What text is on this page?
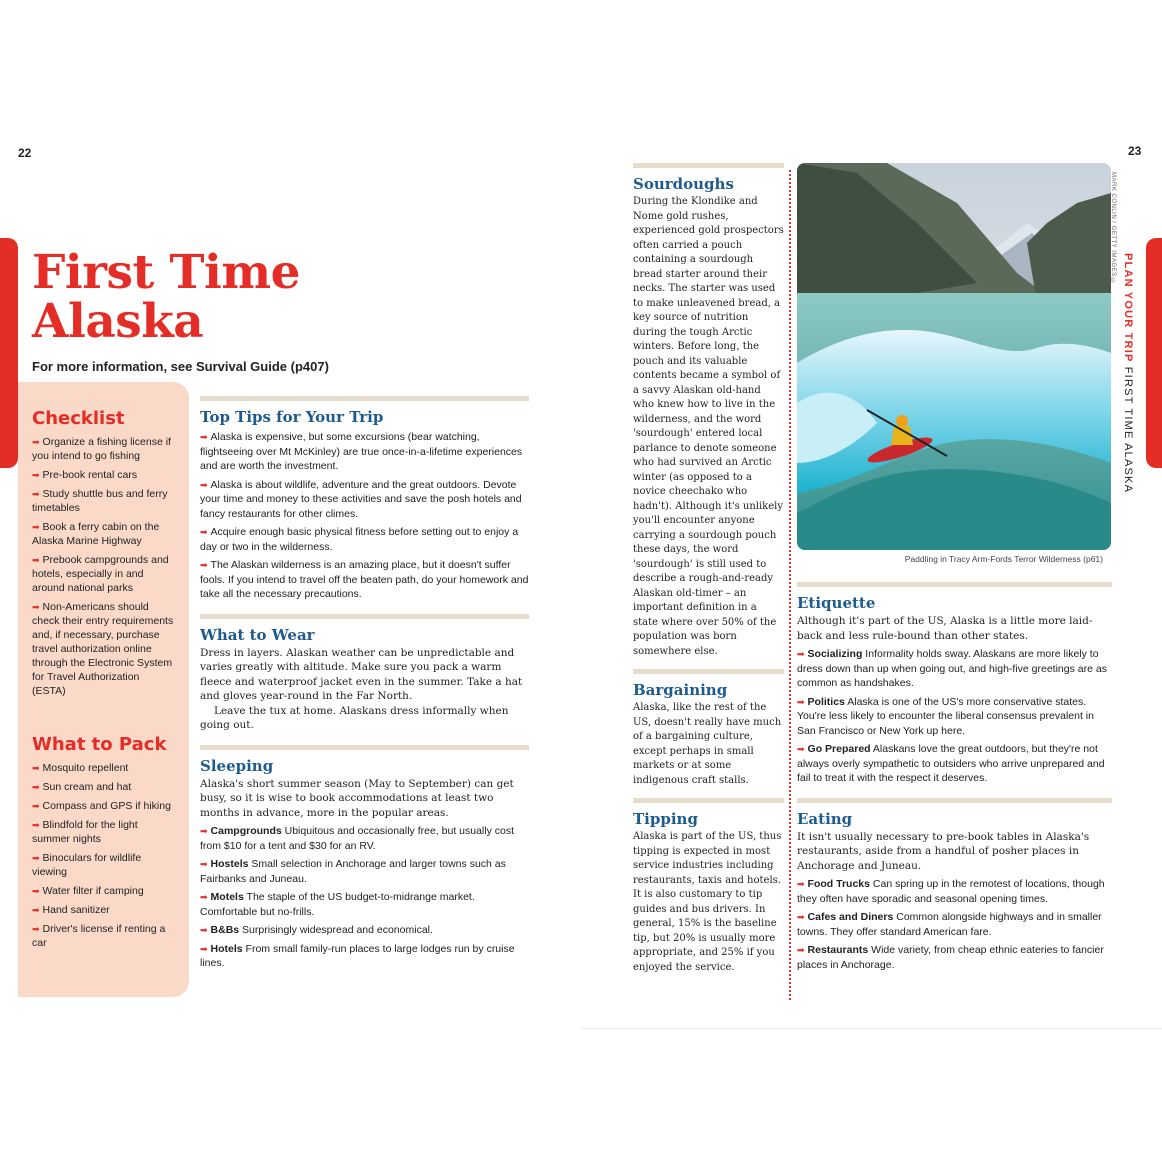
22
First Time
Alaska
For more information, see Survival Guide (p407)
Checklist
➡ Organize a fishing license if you intend to go fishing
➡ Pre-book rental cars
➡ Study shuttle bus and ferry timetables
➡ Book a ferry cabin on the Alaska Marine Highway
➡ Prebook campgrounds and hotels, especially in and around national parks
➡ Non-Americans should check their entry requirements and, if necessary, purchase travel authorization online through the Electronic System for Travel Authorization (ESTA)
What to Pack
➡ Mosquito repellent
➡ Sun cream and hat
➡ Compass and GPS if hiking
➡ Blindfold for the light summer nights
➡ Binoculars for wildlife viewing
➡ Water filter if camping
➡ Hand sanitizer
➡ Driver's license if renting a car
Top Tips for Your Trip

➡ Alaska is expensive, but some excursions (bear watching, flightseeing over Mt McKinley) are true once-in-a-lifetime experiences and are worth the investment.

➡ Alaska is about wildlife, adventure and the great outdoors. Devote your time and money to these activities and save the posh hotels and fancy restaurants for other climes.

➡ Acquire enough basic physical fitness before setting out to enjoy a day or two in the wilderness.

➡ The Alaskan wilderness is an amazing place, but it doesn't suffer fools. If you intend to travel off the beaten path, do your homework and take all the necessary precautions.

What to Wear

Dress in layers. Alaskan weather can be unpredictable and varies greatly with altitude. Make sure you pack a warm fleece and waterproof jacket even in the summer. Take a hat and gloves year-round in the Far North.

Leave the tux at home. Alaskans dress informally when going out.

Sleeping

Alaska's short summer season (May to September) can get busy, so it is wise to book accommodations at least two months in advance, more in the popular areas.

➡ Campgrounds Ubiquitous and occasionally free, but usually cost from $10 for a tent and $30 for an RV.

➡ Hostels Small selection in Anchorage and larger towns such as Fairbanks and Juneau.

➡ Motels The staple of the US budget-to-midrange market. Comfortable but no-frills.

➡ B&Bs Surprisingly widespread and economical.

➡ Hotels From small family-run places to large lodges run by cruise lines.

23
PLAN YOUR TRIP FIRST TIME ALASKA
Sourdoughs

During the Klondike and Nome gold rushes, experienced gold prospectors often carried a pouch containing a sourdough bread starter around their necks. The starter was used to make unleavened bread, a key source of nutrition during the tough Arctic winters. Before long, the pouch and its valuable contents became a symbol of a savvy Alaskan old-hand who knew how to live in the wilderness, and the word 'sourdough' entered local parlance to denote someone who had survived an Arctic winter (as opposed to a novice cheechako who hadn't). Although it's unlikely you'll encounter anyone carrying a sourdough pouch these days, the word 'sourdough' is still used to describe a rough-and-ready Alaskan old-timer – an important definition in a state where over 50% of the population was born somewhere else.

Bargaining

Alaska, like the rest of the US, doesn't really have much of a bargaining culture, except perhaps in small markets or at some indigenous craft stalls.

Tipping

Alaska is part of the US, thus tipping is expected in most service industries including restaurants, taxis and hotels. It is also customary to tip guides and bus drivers. In general, 15% is the baseline tip, but 20% is usually more appropriate, and 25% if you enjoyed the service.

Paddling in Tracy Arm-Fords Terror Wilderness (p61)
MARK CONLIN / GETTY IMAGES ©
Etiquette

Although it's part of the US, Alaska is a little more laid-back and less rule-bound than other states.

➡ Socializing Informality holds sway. Alaskans are more likely to dress down than up when going out, and high-five greetings are as common as handshakes.

➡ Politics Alaska is one of the US's more conservative states. You're less likely to encounter the liberal consensus prevalent in San Francisco or New York up here.

➡ Go Prepared Alaskans love the great outdoors, but they're not always overly sympathetic to outsiders who arrive unprepared and fail to treat it with the respect it deserves.

Eating

It isn't usually necessary to pre-book tables in Alaska's restaurants, aside from a handful of posher places in Anchorage and Juneau.

➡ Food Trucks Can spring up in the remotest of locations, though they often have sporadic and seasonal opening times.

➡ Cafes and Diners Common alongside highways and in smaller towns. They offer standard American fare.

➡ Restaurants Wide variety, from cheap ethnic eateries to fancier places in Anchorage.
